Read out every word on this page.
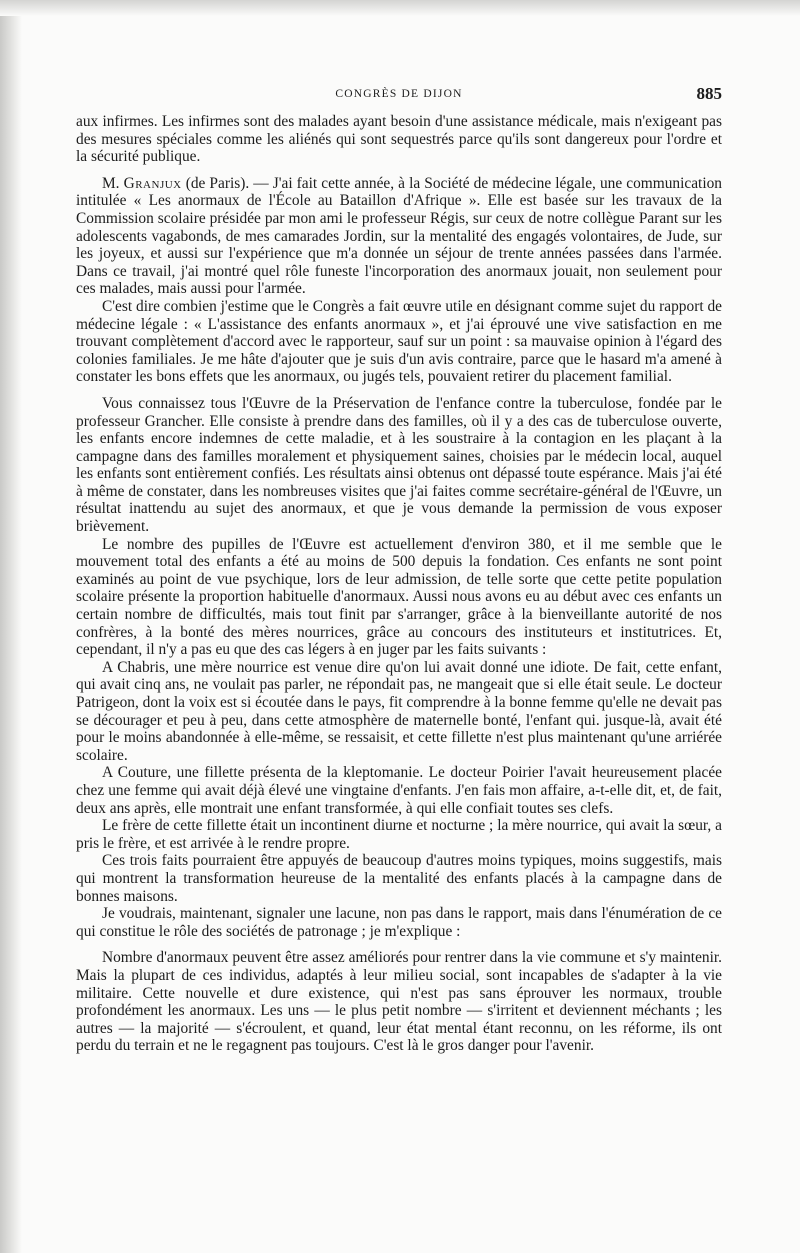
CONGRÈS DE DIJON	885

aux infirmes. Les infirmes sont des malades ayant besoin d'une assistance médicale, mais n'exigeant pas des mesures spéciales comme les aliénés qui sont sequestrés parce qu'ils sont dangereux pour l'ordre et la sécurité publique.

M. Granjux (de Paris). — J'ai fait cette année, à la Société de médecine légale, une communication intitulée « Les anormaux de l'École au Bataillon d'Afrique ». Elle est basée sur les travaux de la Commission scolaire présidée par mon ami le professeur Régis, sur ceux de notre collègue Parant sur les adolescents vagabonds, de mes camarades Jordin, sur la mentalité des engagés volontaires, de Jude, sur les joyeux, et aussi sur l'expérience que m'a donnée un séjour de trente années passées dans l'armée. Dans ce travail, j'ai montré quel rôle funeste l'incorporation des anormaux jouait, non seulement pour ces malades, mais aussi pour l'armée.

C'est dire combien j'estime que le Congrès a fait œuvre utile en désignant comme sujet du rapport de médecine légale : « L'assistance des enfants anormaux », et j'ai éprouvé une vive satisfaction en me trouvant complètement d'accord avec le rapporteur, sauf sur un point : sa mauvaise opinion à l'égard des colonies familiales. Je me hâte d'ajouter que je suis d'un avis contraire, parce que le hasard m'a amené à constater les bons effets que les anormaux, ou jugés tels, pouvaient retirer du placement familial.

Vous connaissez tous l'Œuvre de la Préservation de l'enfance contre la tuberculose, fondée par le professeur Grancher. Elle consiste à prendre dans des familles, où il y a des cas de tuberculose ouverte, les enfants encore indemnes de cette maladie, et à les soustraire à la contagion en les plaçant à la campagne dans des familles moralement et physiquement saines, choisies par le médecin local, auquel les enfants sont entièrement confiés. Les résultats ainsi obtenus ont dépassé toute espérance. Mais j'ai été à même de constater, dans les nombreuses visites que j'ai faites comme secrétaire-général de l'Œuvre, un résultat inattendu au sujet des anormaux, et que je vous demande la permission de vous exposer brièvement.

Le nombre des pupilles de l'Œuvre est actuellement d'environ 380, et il me semble que le mouvement total des enfants a été au moins de 500 depuis la fondation. Ces enfants ne sont point examinés au point de vue psychique, lors de leur admission, de telle sorte que cette petite population scolaire présente la proportion habituelle d'anormaux. Aussi nous avons eu au début avec ces enfants un certain nombre de difficultés, mais tout finit par s'arranger, grâce à la bienveillante autorité de nos confrères, à la bonté des mères nourrices, grâce au concours des instituteurs et institutrices. Et, cependant, il n'y a pas eu que des cas légers à en juger par les faits suivants :

A Chabris, une mère nourrice est venue dire qu'on lui avait donné une idiote. De fait, cette enfant, qui avait cinq ans, ne voulait pas parler, ne répondait pas, ne mangeait que si elle était seule. Le docteur Patrigeon, dont la voix est si écoutée dans le pays, fit comprendre à la bonne femme qu'elle ne devait pas se décourager et peu à peu, dans cette atmosphère de maternelle bonté, l'enfant qui. jusque-là, avait été pour le moins abandonnée à elle-même, se ressaisit, et cette fillette n'est plus maintenant qu'une arriérée scolaire.

A Couture, une fillette présenta de la kleptomanie. Le docteur Poirier l'avait heureusement placée chez une femme qui avait déjà élevé une vingtaine d'enfants. J'en fais mon affaire, a-t-elle dit, et, de fait, deux ans après, elle montrait une enfant transformée, à qui elle confiait toutes ses clefs.

Le frère de cette fillette était un incontinent diurne et nocturne ; la mère nourrice, qui avait la sœur, a pris le frère, et est arrivée à le rendre propre.

Ces trois faits pourraient être appuyés de beaucoup d'autres moins typiques, moins suggestifs, mais qui montrent la transformation heureuse de la mentalité des enfants placés à la campagne dans de bonnes maisons.

Je voudrais, maintenant, signaler une lacune, non pas dans le rapport, mais dans l'énumération de ce qui constitue le rôle des sociétés de patronage ; je m'explique :

Nombre d'anormaux peuvent être assez améliorés pour rentrer dans la vie commune et s'y maintenir. Mais la plupart de ces individus, adaptés à leur milieu social, sont incapables de s'adapter à la vie militaire. Cette nouvelle et dure existence, qui n'est pas sans éprouver les normaux, trouble profondément les anormaux. Les uns — le plus petit nombre — s'irritent et deviennent méchants ; les autres — la majorité — s'écroulent, et quand, leur état mental étant reconnu, on les réforme, ils ont perdu du terrain et ne le regagnent pas toujours. C'est là le gros danger pour l'avenir.
